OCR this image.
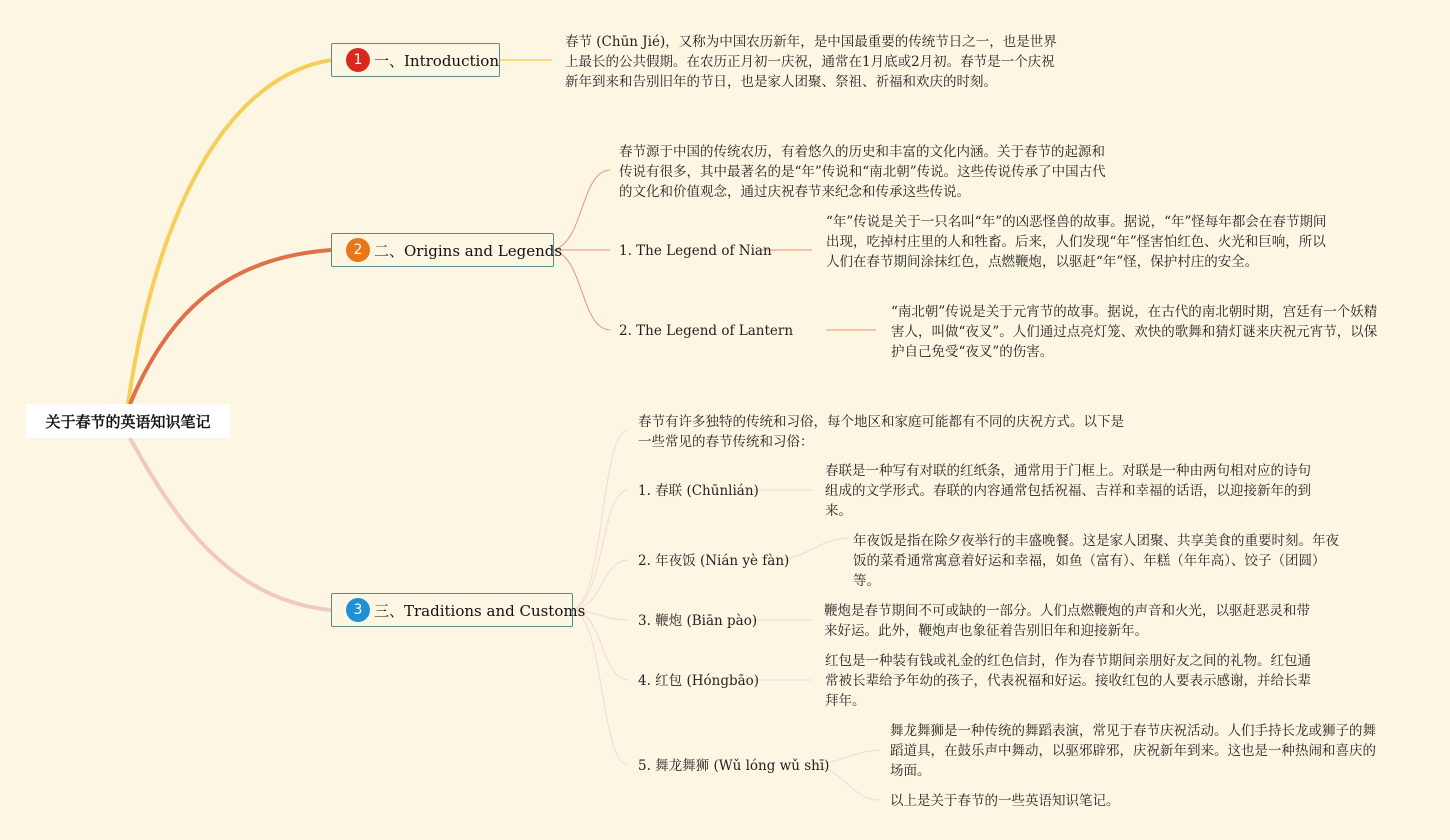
关于春节的英语知识笔记
1 一、Introduction
春节 (Chūn Jié)，又称为中国农历新年，是中国最重要的传统节日之一，也是世界上最长的公共假期。在农历正月初一庆祝，通常在1月底或2月初。春节是一个庆祝新年到来和告别旧年的节日，也是家人团聚、祭祖、祈福和欢庆的时刻。
2 二、Origins and Legends
春节源于中国的传统农历，有着悠久的历史和丰富的文化内涵。关于春节的起源和传说有很多，其中最著名的是“年”传说和“南北朝”传说。这些传说传承了中国古代的文化和价值观念，通过庆祝春节来纪念和传承这些传说。
1. The Legend of Nian
“年”传说是关于一只名叫“年”的凶恶怪兽的故事。据说，“年”怪每年都会在春节期间出现，吃掉村庄里的人和牲畜。后来，人们发现“年”怪害怕红色、火光和巨响，所以人们在春节期间涂抹红色，点燃鞭炮，以驱赶“年”怪，保护村庄的安全。
2. The Legend of Lantern
“南北朝”传说是关于元宵节的故事。据说，在古代的南北朝时期，宫廷有一个妖精害人，叫做“夜叉”。人们通过点亮灯笼、欢快的歌舞和猜灯谜来庆祝元宵节，以保护自己免受“夜叉”的伤害。
3 三、Traditions and Customs
春节有许多独特的传统和习俗，每个地区和家庭可能都有不同的庆祝方式。以下是一些常见的春节传统和习俗：
1. 春联 (Chūnlián)
春联是一种写有对联的红纸条，通常用于门框上。对联是一种由两句相对应的诗句组成的文学形式。春联的内容通常包括祝福、吉祥和幸福的话语，以迎接新年的到来。
2. 年夜饭 (Nián yè fàn)
年夜饭是指在除夕夜举行的丰盛晚餐。这是家人团聚、共享美食的重要时刻。年夜饭的菜肴通常寓意着好运和幸福，如鱼（富有）、年糕（年年高）、饺子（团圆）等。
3. 鞭炮 (Biān pào)
鞭炮是春节期间不可或缺的一部分。人们点燃鞭炮的声音和火光，以驱赶恶灵和带来好运。此外，鞭炮声也象征着告别旧年和迎接新年。
4. 红包 (Hóngbāo)
红包是一种装有钱或礼金的红色信封，作为春节期间亲朋好友之间的礼物。红包通常被长辈给予年幼的孩子，代表祝福和好运。接收红包的人要表示感谢，并给长辈拜年。
5. 舞龙舞狮 (Wǔ lóng wǔ shī)
舞龙舞狮是一种传统的舞蹈表演，常见于春节庆祝活动。人们手持长龙或狮子的舞蹈道具，在鼓乐声中舞动，以驱邪辟邪，庆祝新年到来。这也是一种热闹和喜庆的场面。
以上是关于春节的一些英语知识笔记。
